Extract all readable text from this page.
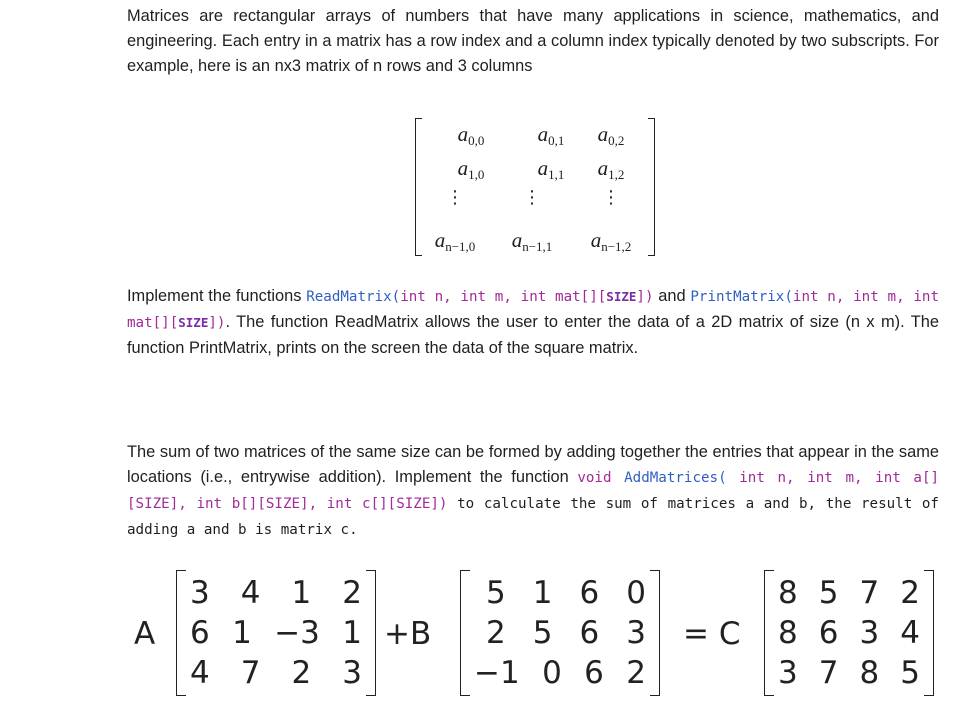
Matrices are rectangular arrays of numbers that have many applications in science, mathematics, and engineering. Each entry in a matrix has a row index and a column index typically denoted by two subscripts. For example, here is an nx3 matrix of n rows and 3 columns

$a_{0,0}$	$a_{0,1}$ $a_{0,2}$
$a_{1,0}$	$a_{1,1}$ $a_{1,2}$
⋮	⋮	⋮
$a_{n-1,0}$ $a_{n-1,1}$ $a_{n-1,2}$

Implement the functions ReadMatrix(int n, int m, int mat[][SIZE]) and PrintMatrix(int n, int m, int mat[][SIZE]). The function ReadMatrix allows the user to enter the data of a 2D matrix of size (n x m). The function PrintMatrix, prints on the screen the data of the square matrix.

The sum of two matrices of the same size can be formed by adding together the entries that appear in the same locations (i.e., entrywise addition). Implement the function void AddMatrices( int n, int m, int a[][SIZE], int b[][SIZE], int c[][SIZE]) to calculate the sum of matrices a and b, the result of adding a and b is matrix c.

A
3 4 1 2
6 1 −3 1
4 7 2 3
+B
5 1 6 0
2 5 6 3
−1 0 6 2
= C
8 5 7 2
8 6 3 4
3 7 8 5
